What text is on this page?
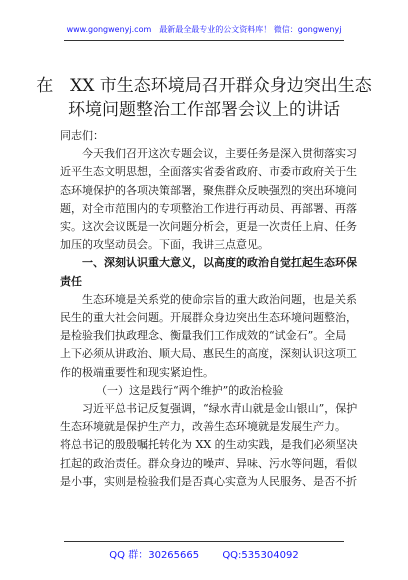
www.gongwenyj.com　最新最全最专业的公文资料库！ 微信：gongwenyj
在　XX 市生态环境局召开群众身边突出生态
环境问题整治工作部署会议上的讲话

同志们：

今天我们召开这次专题会议，主要任务是深入贯彻落实习

近平生态文明思想，全面落实省委省政府、市委市政府关于生

态环境保护的各项决策部署，聚焦群众反映强烈的突出环境问

题，对全市范围内的专项整治工作进行再动员、再部署、再落

实。这次会议既是一次问题分析会，更是一次责任上肩、任务

加压的攻坚动员会。下面，我讲三点意见。

一、深刻认识重大意义，以高度的政治自觉扛起生态环保

责任

生态环境是关系党的使命宗旨的重大政治问题，也是关系

民生的重大社会问题。开展群众身边突出生态环境问题整治，

是检验我们执政理念、衡量我们工作成效的“试金石”。全局

上下必须从讲政治、顺大局、惠民生的高度，深刻认识这项工

作的极端重要性和现实紧迫性。

（一）这是践行“两个维护”的政治检验

习近平总书记反复强调，“绿水青山就是金山银山”，保护

生态环境就是保护生产力，改善生态环境就是发展生产力。

将总书记的殷殷嘱托转化为 XX 的生动实践，是我们必须坚决

扛起的政治责任。群众身边的噪声、异味、污水等问题，看似

是小事，实则是检验我们是否真心实意为人民服务、是否不折

QQ 群：30265665 QQ:535304092
